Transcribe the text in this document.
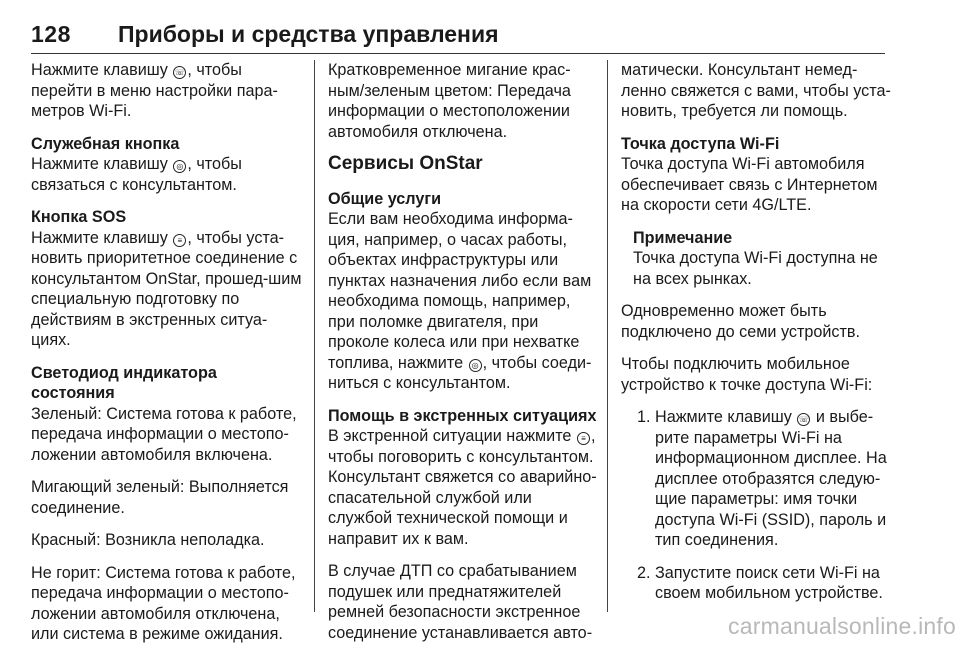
128 Приборы и средства управления

Нажмите клавишу ☏ , чтобы перейти в меню настройки пара-метров Wi-Fi.

Служебная кнопка

Нажмите клавишу ◎ , чтобы связаться с консультантом.

Кнопка SOS

Нажмите клавишу ≡ , чтобы уста-новить приоритетное соединение с консультантом OnStar, прошед-шим специальную подготовку по действиям в экстренных ситуа-циях.

Светодиод индикатора состояния

Зеленый: Система готова к работе, передача информации о местопо-ложении автомобиля включена.

Мигающий зеленый: Выполняется соединение.

Красный: Возникла неполадка.

Не горит: Система готова к работе, передача информации о местопо-ложении автомобиля отключена, или система в режиме ожидания.

Кратковременное мигание крас-ным/зеленым цветом: Передача информации о местоположении автомобиля отключена.

Сервисы OnStar
Общие услуги

Если вам необходима информа-ция, например, о часах работы, объектах инфраструктуры или пунктах назначения либо если вам необходима помощь, например, при поломке двигателя, при проколе колеса или при нехватке топлива, нажмите ◎ , чтобы соеди-ниться с консультантом.

Помощь в экстренных ситуациях

В экстренной ситуации нажмите ≡ , чтобы поговорить с консультантом. Консультант свяжется со аварийно-спасательной службой или службой технической помощи и направит их к вам.

В случае ДТП со срабатыванием подушек или преднатяжителей ремней безопасности экстренное соединение устанавливается авто-

матически. Консультант немед-ленно свяжется с вами, чтобы уста-новить, требуется ли помощь.

Точка доступа Wi-Fi

Точка доступа Wi-Fi автомобиля обеспечивает связь с Интернетом на скорости сети 4G/LTE.

Примечание

Точка доступа Wi-Fi доступна не на всех рынках.

Одновременно может быть подключено до семи устройств.

Чтобы подключить мобильное устройство к точке доступа Wi-Fi:

1. Нажмите клавишу ☏ и выбе-рите параметры Wi-Fi на информационном дисплее. На дисплее отобразятся следую-щие параметры: имя точки доступа Wi-Fi (SSID), пароль и тип соединения.
2. Запустите поиск сети Wi-Fi на своем мобильном устройстве.
carmanualsonline.info
